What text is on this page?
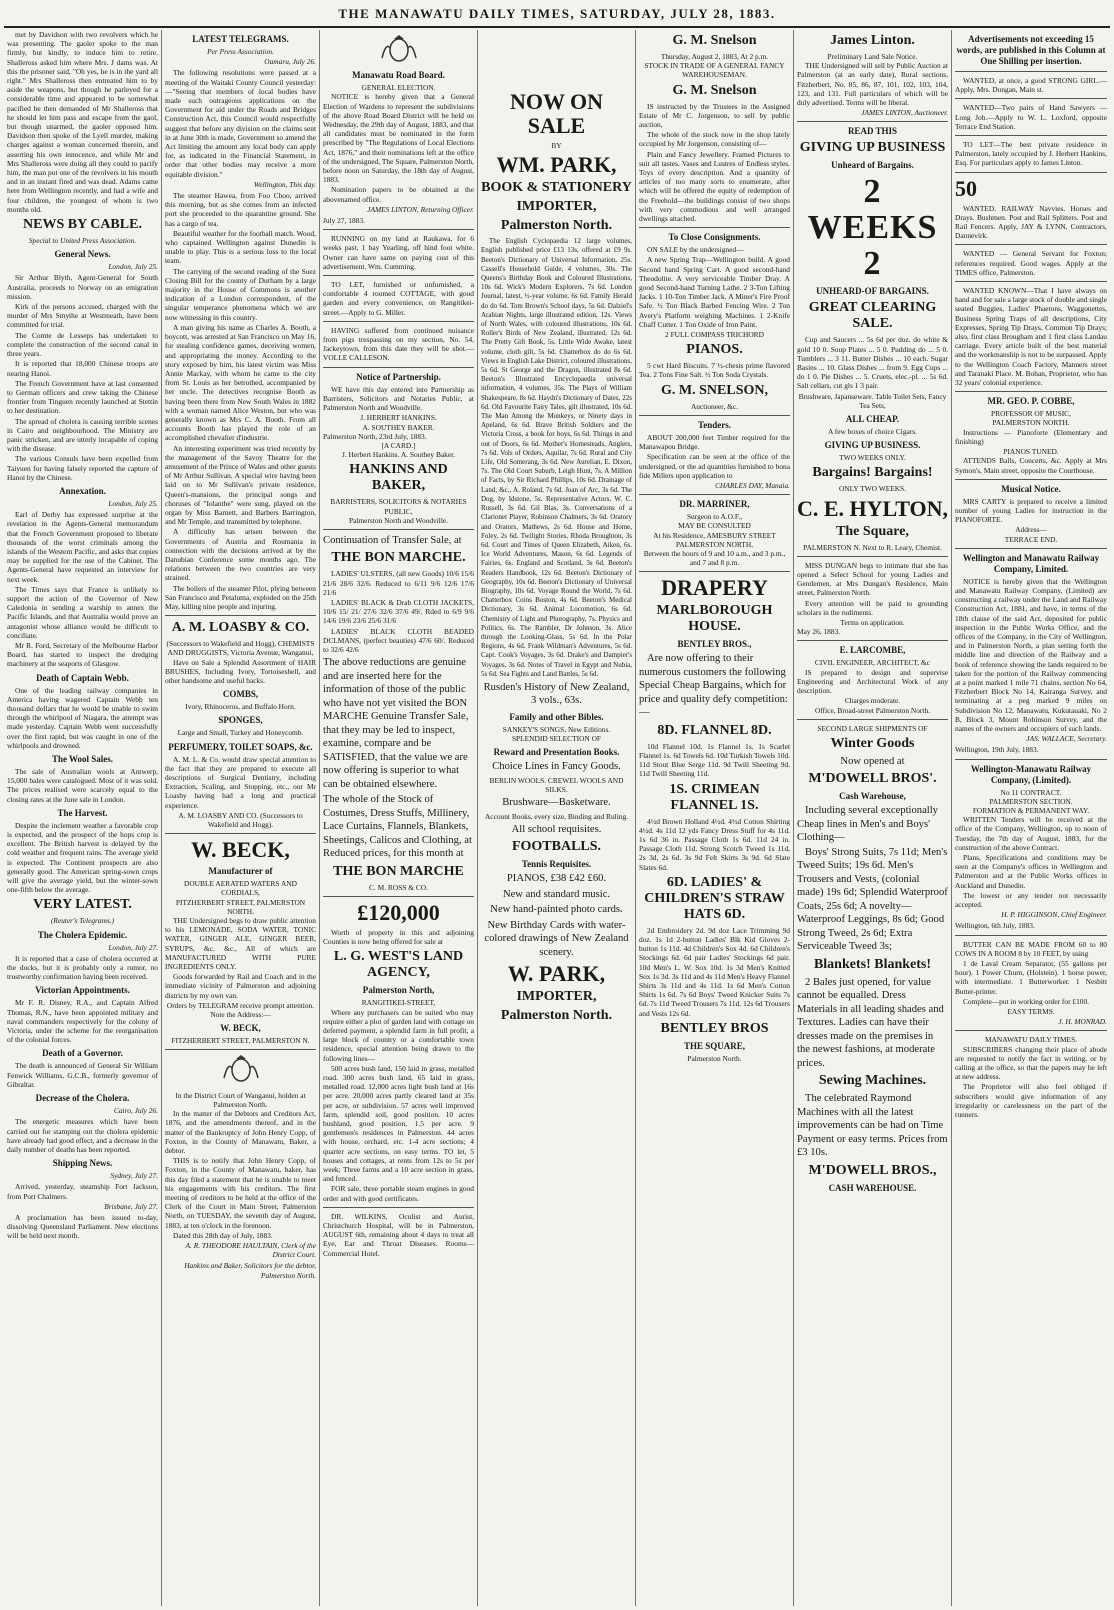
THE MANAWATU DAILY TIMES, SATURDAY, JULY 28, 1883.

met by Davidson with two revolvers which he was presenting. The gaoler spoke to the man firmly, but kindly, to induce him to retire. Shalleross asked him where Mrs. J dams was. At this the prisoner said, "Oh yes, he is in the yard all right." Mrs Shalleross then entreated him to by aside the weapons, but though he parleyed for a considerable time and appeared to be somewhat pacified he then demanded of Mr Shalleross that he should let him pass and escape from the gaol, but though unarmed, the gaoler opposed him. Davidson then spoke of the Lyell murder, making charges against a woman concerned therein, and asserting his own innocence, and while Mr and Mrs Shalleross were doing all they could to pacify him, the man put one of the revolvers in his mouth and in an instant fired and was dead. Adams came here from Wellington recently, and had a wife and four children, the youngest of whom is two months old.

NEWS BY CABLE.
Special to United Press Association.
General News.
London, July 25.

Sir Arthur Blyth, Agent-General for South Australia, proceeds to Norway on an emigration mission.

Kirk of the persons accused, charged with the murder of Mrs Smythe at Westmeath, have been committed for trial.

The Comte de Lesseps has undertaken to complete the construction of the second canal in three years.

It is reported that 18,000 Chinese troops are nearing Hanoi.

The French Government have at last consented to German officers and crew taking the Chinese frontier from Tinguen recently launched at Stettin to her destination.

The spread of cholera is causing terrible scenes in Cairo and neighbourhood. The Ministry are panic stricken, and are utterly incapable of coping with the disease.

The various Consuls have been expelled from Taiyuen for having falsely reported the capture of Hanoi by the Chinese.

Annexation.
London, July 25.

Earl of Derby has expressed surprise at the revelation in the Agents-General memorandum that the French Government proposed to liberate thousands of the worst criminals among the islands of the Western Pacific, and asks that copies may be supplied for the use of the Cabinet. The Agents-General have requested an interview for next week.

The Times says that France is unlikely to support the action of the Governor of New Caledonia in sending a warship to annex the Pacific Islands, and that Australia would prove an antagonist whose alliance would be difficult to conciliate.

Mr R. Ford, Secretary of the Melbourne Harbor Board, has started to inspect the dredging machinery at the seaports of Glasgow.

Death of Captain Webb.

One of the leading railway companies in America having wagered Captain Webb ten thousand dollars that he would be unable to swim through the whirlpool of Niagara, the attempt was made yesterday. Captain Webb went successfully over the first rapid, but was caught in one of the whirlpools and drowned.

The Wool Sales.

The sale of Australian wools at Antwerp, 15,000 bales were catalogued. Most of it was sold. The prices realised were scarcely equal to the closing rates at the June sale in London.

The Harvest.

Despite the inclement weather a favorable crop is expected, and the prospect of the hops crop is excellent. The British harvest is delayed by the cold weather and frequent rains. The average yield is expected. The Continent prospects are also generally good. The American spring-sown crops will give the average yield, but the winter-sown one-fifth below the average.

VERY LATEST.
(Reuter's Telegrams.)
The Cholera Epidemic.
London, July 27.

It is reported that a case of cholera occurred at the docks, but it is probably only a rumor, no trustworthy confirmation having been received.

Victorian Appointments.

Mr F. R. Disney, R.A., and Captain Alfred Thomas, R.N., have been appointed military and naval commanders respectively for the colony of Victoria, under the scheme for the reorganisation of the colonial forces.

Death of a Governor.

The death is announced of General Sir William Fenwick Williams, G.C.B., formerly governor of Gibraltar.

Decrease of the Cholera.
Cairo, July 26.

The energetic measures which have been carried out for stamping out the cholera epidemic have already had good effect, and a decrease in the daily number of deaths has been reported.

Shipping News.
Sydney, July 27.

Arrived, yesterday, steamship Fort Jackson, from Port Chalmers.

Brisbane, July 27.

A proclamation has been issued to-day, dissolving Queensland Parliament. New elections will be held next month.

LATEST TELEGRAMS.
Per Press Association.
Oamaru, July 26.

The following resolutions were passed at a meeting of the Waitaki County Council yesterday:—"Seeing that members of local bodies have made such outrageous applications on the Government for aid under the Roads and Bridges Construction Act, this Council would respectfully suggest that before any division on the claims sent in at June 30th is made, Government so amend the Act limiting the amount any local body can apply for, as indicated in the Financial Statement, in order that other bodies may receive a more equitable division."

Wellington, This day.

The steamer Hawea, from Foo Choo, arrived this morning, but as she comes from an infected port she proceeded to the quarantine ground. She has a cargo of tea.

Beautiful weather for the football match. Wood, who captained Wellington against Dunedin is unable to play. This is a serious loss to the local team.

The carrying of the second reading of the Suez Closing Bill for the county of Durham by a large majority in the House of Commons is another indication of a London correspondent, of the singular temperance phenomena which we are now witnessing in this country.

A man giving his name as Charles A. Booth, a boycott, was arrested at San Francisco on May 16, for stealing confidence games, deceiving women, and appropriating the money. According to the story exposed by him, his latest victim was Miss Annie Mackay, with whom he came to the city from St. Louis as her betrothed, accompanied by her uncle. The detectives recognise Booth as having been there from New South Wales in 1882 with a woman named Alice Weston, but who was generally known as Mrs C. A. Booth. From all accounts Booth has played the role of an accomplished chevalier d'industrie.

An interesting experiment was tried recently by the management of the Savoy Theatre for the amusement of the Prince of Wales and other guests of Mr Arthur Sullivan. A special wire having been laid on to Mr Sullivan's private residence, Queen's-mansions, the principal songs and choruses of "Iolanthe" were sung, played on the organ by Miss Barnett, and Barbers Barrington, and Mr Temple, and transmitted by telephone.

A difficulty has arisen between the Governments of Austria and Roumania in connection with the decisions arrived at by the Danubian Conference some months ago. The relations between the two countries are very strained.

The boilers of the steamer Pilot, plying between San Francisco and Petaluma, exploded on the 25th May, killing nine people and injuring.

A. M. LOASBY & CO.
(Successors to Wakefield and Hogg), CHEMISTS AND DRUGGISTS, Victoria Avenue, Wanganui,

Have on Sale a Splendid Assortment of HAIR BRUSHES, Including Ivory, Tortoiseshell, and other handsome and useful backs.

COMBS,
Ivory, Rhinoceros, and Buffalo Horn.
SPONGES,
Large and Small, Turkey and Honeycomb.
PERFUMERY, TOILET SOAPS, &c.

A. M. L. & Co. would draw special attention to the fact that they are prepared to execute all descriptions of Surgical Dentistry, including Extraction, Scaling, and Stopping, etc., our Mr Loasby having had a long and practical experience.

A. M. LOASBY AND CO. (Successors to Wakefield and Hogg).
W. BECK,
Manufacturer of
DOUBLE AERATED WATERS AND CORDIALS,
PITZHERBERT STREET, PALMERSTON NORTH.

THE Undersigned begs to draw public attention to his LEMONADE, SODA WATER, TONIC WATER, GINGER ALE, GINGER BEER, SYRUPS, &c. &c., All of which are MANUFACTURED WITH PURE INGREDIENTS ONLY.

Goods forwarded by Rail and Coach and in the immediate vicinity of Palmerston and adjoining districts by my own van.

Orders by TELEGRAM receive prompt attention.
Note the Address:—
W. BECK,
FITZHERBERT STREET, PALMERSTON N.
In the District Court of Wanganui, holden at Palmerston North.

In the matter of the Debtors and Creditors Act, 1876, and the amendments thereof, and in the matter of the Bankruptcy of John Henry Copp, of Foxton, in the County of Manawatu, Baker, a debtor.

THIS is to notify that John Henry Copp, of Foxton, in the County of Manawatu, baker, has this day filed a statement that he is unable to meet his engagements with his creditors. The first meeting of creditors to be held at the office of the Clerk of the Court in Main Street, Palmerston North, on TUESDAY, the seventh day of August, 1883, at ten o'clock in the forenoon.

Dated this 28th day of July, 1883.

A. R. THEODORE HAULTAIN, Clerk of the District Court.
Hankins and Baker, Solicitors for the debtor, Palmerston North.
Manawatu Road Board.
GENERAL ELECTION.

NOTICE is hereby given that a General Election of Wardens to represent the subdivisions of the above Road Board District will be held on Wednesday, the 29th day of August, 1883, and that all candidates must be nominated in the form prescribed by "The Regulations of Local Elections Act, 1876," and their nominations left at the office of the undersigned, The Square, Palmerston North, before noon on Saturday, the 18th day of August, 1883.

Nomination papers to be obtained at the abovenamed office.

JAMES LINTON, Returning Officer.
July 27, 1883.

RUNNING on my land at Raukawa, for 6 weeks past, 1 bay Yearling, off hind foot white. Owner can have same on paying cost of this advertisement. Wm. Cumming.

TO LET, furnished or unfurnished, a comfortable 4 roomed COTTAGE, with good garden and every convenience, on Rangitikei-street.—Apply to G. Miller.

HAVING suffered from continued nuisance from pigs trespassing on my section, No. 54, Jackeytown, from this date they will be shot.—VOLLE CALLESON.

Notice of Partnership.

WE have this day entered into Partnership as Barristers, Solicitors and Notaries Public, at Palmerston North and Woodville.

J. HERBERT HANKINS.
A. SOUTHEY BAKER.
Palmerston North, 23rd July, 1883.
[A CARD.]
J. Herbert Hankins. A. Southey Baker.
HANKINS AND BAKER,
BARRISTERS, SOLICITORS & NOTARIES PUBLIC,
Palmerston North and Woodville.
Continuation of Transfer Sale, at
THE BON MARCHE.

LADIES' ULSTERS, (all new Goods) 10/6 15/6 21/6 28/6 32/6. Reduced to 6/11 9/6 12/6 17/6 21/6

LADIES' BLACK & Drab CLOTH JACKETS, 10/6 15/ 21/ 27/6 32/6 37/6 49/. Rded to 6/9 9/6 14/6 19/6 23/6 25/6 31/6

LADIES' BLACK CLOTH BEADED DCLMANS, (perfect beauties) 47/6 60/. Reduced to 32/6 42/6

The above reductions are genuine and are inserted here for the information of those of the public who have not yet visited the BON MARCHE Genuine Transfer Sale, that they may be led to inspect, examine, compare and be SATISFIED, that the value we are now offering is superior to what can be obtained elsewhere.
The whole of the Stock of Costumes, Dress Stuffs, Millinery, Lace Curtains, Flannels, Blankets, Sheetings, Calicos and Clothing, at Reduced prices, for this month at
THE BON MARCHE
C. M. ROSS & CO.
£120,000

Worth of property in this and adjoining Counties is now being offered for sale at

L. G. WEST'S LAND AGENCY,
Palmerston North,
RANGITIKEI-STREET,

Where any purchasers can be suited who may require either a plot of garden land with cottage on deferred payment, a splendid farm in full profit, a large block of country or a comfortable town residence, special attention being drawn to the following lines—

500 acres bush land, 150 laid in grass, metalled road. 300 acres bush land, 65 laid in grass, metalled road. 12,000 acres light bush land at 16s per acre. 20,000 acres partly cleared land at 35s per acre, or subdivision. 57 acres well improved farm, splendid soil, good position. 10 acres bushland, good position, 1.5 per acre. 9 gentlemen's residences in Palmerston. 44 acres with house, orchard, etc. 1-4 acre sections; 4 quarter acre sections, on easy terms. TO let, 5 houses and cottages, at rents from 12s to 5s per week; Three farms and a 10 acre section in grass, and fenced.

FOR sale, three portable steam engines in good order and with good certificates.

DR. WILKINS, Oculist and Aurist, Christchurch Hospital, will be in Palmerston, AUGUST 6th, remaining about 4 days to treat all Eye, Ear and Throat Diseases. Rooms—Commercial Hotel.

NOW ON SALE
BY
WM. PARK,
BOOK & STATIONERY
IMPORTER,
Palmerston North.

The English Cyclopaedia 12 large volumes, English published price £13 13s, offered at £9 9s. Beeton's Dictionary of Universal Information, 25s. Cassell's Household Guide, 4 volumes, 30s. The Queens's Birthday Book and Coloured Illustrations, 10s 6d. Wick's Modern Explorers, 7s 6d. London Journal, latest, ½-year volume, 6s 6d. Family Herald do do 6d. Tom Brown's School days, 5s 6d. Dalziel's Arabian Nights, large illustrated edition, 12s. Views of North Wales, with coloured illustrations, 10s 6d. Roller's Birds of New Zealand, illustrated, 12s 6d. The Pretty Gift Book, 5s. Little Wide Awake, latest volume, cloth gilt, 5s 6d. Chatterbox do do 6s 6d. Views in English Lake District, coloured illustrations, 5s 6d. St George and the Dragon, illustrated 8s 6d. Beeton's Illustrated Encyclopaedia universal information, 4 volumes, 35s. The Plays of William Shakespeare, 8s 6d. Haydn's Dictionary of Dates, 22s 6d. Old Favourite Fairy Tales, gilt illustrated, 10s 6d. The Man Among the Monkeys, or Ninety days in Apeland, 6s 6d. Brave British Soldiers and the Victoria Cross, a book for boys, 6s 6d. Things in and out of Doors, 6s 6d. Mother's Homesteads, Anglers, 7s 6d. Vols of Orders, Aquilar, 7s 6d. Rural and City Life, Old Somerang, 3s 6d. New Aurelian, E. Dixon, 7s. The Old Court Suburb, Leigh Hunt, 7s. A Million of Facts, by Sir Richard Phillips, 10s 6d. Drainage of Land, &c., A. Roland, 7s 6d. Joan of Arc, 3s 6d. The Dog, by Idstone, 5s. Representative Actors, W. C. Russell, 3s 6d. Gil Blas, 3s. Conversations of a Clarionet Player, Robinson Chalmers, 3s 6d. Oratory and Orators, Mathews, 2s 6d. House and Home, Foley, 2s 6d. Twilight Stories, Rhoda Broughton, 3s 6d. Court and Times of Queen Elizabeth, Aiken, 6s. Ice World Adventures, Mason, 6s 6d. Legends of Fairies, 6s. England and Scotland, 3s 6d. Beeton's Readers Handbook, 12s 6d. Beeton's Dictionary of Geography, 10s 6d. Beeton's Dictionary of Universal Biography, 10s 6d. Voyage Round the World, 7s 6d. Chatterbox Coins Boston, 4s 6d. Beeton's Medical Dictionary, 3s 6d. Animal Locomotion, 6s 6d. Chemistry of Light and Photography, 7s. Physics and Politics, 6s. The Rambler, Dr Johnson, 3s. Alice through the Looking-Glass, 5s 6d. In the Polar Regions, 4s 6d. Frank Wildman's Adventures, 5s 6d. Capt. Cook's Voyages, 3s 6d. Drake's and Dampier's Voyages, 3s 6d. Notes of Travel in Egypt and Nubia, 5s 6d. Sea Fights and Land Battles, 5s 6d.

Rusden's History of New Zealand, 3 vols., 63s.
Family and other Bibles.
SANKEY'S SONGS, New Editions.
SPLENDID SELECTION OF
Reward and Presentation Books.
Choice Lines in Fancy Goods.
BERLIN WOOLS. CREWEL WOOLS AND SILKS.
Brushware—Basketware.
Account Books, every size, Binding and Ruling.
All school requisites.
FOOTBALLS.
Tennis Requisites.
PIANOS, £38 £42 £60.
New and standard music.
New hand-painted photo cards.
New Birthday Cards with water-colored drawings of New Zealand scenery.
W. PARK,
IMPORTER,
Palmerston North.
G. M. Snelson
Thursday, August 2, 1883, At 2 p.m.
STOCK IN TRADE OF A GENERAL FANCY WAREHOUSEMAN.
G. M. Snelson

IS instructed by the Trustees in the Assigned Estate of Mr C. Jorgenson, to sell by public auction,

The whole of the stock now in the shop lately occupied by Mr Jorgenson, consisting of—

Plain and Fancy Jewellery. Framed Pictures to suit all tastes. Vases and Lustres of Endless styles. Toys of every description. And a quantity of articles of too many sorts to enumerate, after which will be offered the equity of redemption of the Freehold—the buildings consist of two shops with very commodious and well arranged dwellings attached.

To Close Consignments.

ON SALE by the undersigned—

A new Spring Trap—Wellington build. A good Second hand Spring Cart. A good second-hand Theodolite. A very serviceable Timber Dray. A good Second-hand Turning Lathe. 2 3-Ton Lifting Jacks. 1 10-Ton Timber Jack. A Miner's Fire Proof Safe. ½ Ton Black Barbed Fencing Wire. 2 Ton Avery's Platform weighing Machines. 1 2-Knife Chaff Cutter. 1 Ton Oxide of Iron Paint.

2 FULL COMPASS TRICHORD
PIANOS.

5 cwt Hard Biscuits. 7 ½-chests prime flavored Tea. 2 Tons Fine Salt. ½ Ton Soda Crystals.

G. M. SNELSON,
Auctioneer, &c.
Tenders.

ABOUT 200,000 feet Timber required for the Manawapou Bridge.

Specification can be seen at the office of the undersigned, or the ad quantities furnished to bona fide Millers upon application to

CHARLES DAY, Manaia.
DR. MARRINER,
Surgeon to A.O.F.,
MAY BE CONSULTED
At his Residence, AMESBURY STREET PALMERSTON NORTH,
Between the hours of 9 and 10 a.m., and 3 p.m., and 7 and 8 p.m.
DRAPERY
MARLBOROUGH HOUSE.
BENTLEY BROS.,

Are now offering to their numerous customers the following Special Cheap Bargains, which for price and quality defy competition:—

8D. FLANNEL 8D.

10d Flannel 10d. 1s Flannel 1s. 1s Scarlet Flannel 1s. 6d Towels 6d. 10d Turkish Towels 10d. 11d Stout Blue Serge 11d. 9d Twill Sheeting 9d. 11d Twill Sheeting 11d.

1S. CRIMEAN FLANNEL 1S.

4½d Brown Holland 4½d. 4½d Cotton Shirting 4½d. 4s 11d 12 yds Fancy Dress Stuff for 4s 11d. 1s 6d 36 in. Passage Cloth 1s 6d. 11d 24 in. Passage Cloth 11d. Strong Scotch Tweed 1s 11d, 2s 3d, 2s 6d. 3s 9d Felt Skirts 3s 9d. 6d Slate Slates 6d.

6D. LADIES' & CHILDREN'S STRAW HATS 6D.

2d Embroidery 2d. 9d doz Lace Trimming 9d doz. 1s 1d 2-button Ladies' Blk Kid Gloves 2-button 1s 11d. 4d Children's Sox 4d. 6d Children's Stockings 6d. 6d pair Ladies' Stockings 6d pair. 10d Men's L. W. Sox 10d. 1s 3d Men's Knitted Sox 1s 3d. 3s 11d and 4s 11d Men's Heavy Flannel Shirts 3s 11d and 4s 11d. 1s 6d Men's Cotton Shirts 1s 6d. 7s 6d Boys' Tweed Knicker Suits 7s 6d. 7s 11d Tweed Trousers 7s 11d. 12s 6d Trousers and Vests 12s 6d.

BENTLEY BROS
THE SQUARE,
Palmerston North.
James Linton.
Preliminary Land Sale Notice.

THE Undersigned will sell by Public Auction at Palmerston (at an early date), Rural sections, Fitzherbert, No. 85, 86, 87, 101, 102, 103, 104, 123, and 131. Full particulars of which will be duly advertised. Terms will be liberal.

JAMES LINTON, Auctioneer.
READ THIS
GIVING UP BUSINESS
Unheard of Bargains.
2 WEEKS 2
UNHEARD-OF BARGAINS.
GREAT CLEARING SALE.

Cup and Saucers ... 5s 6d per doz. do white & gold 10 0. Soup Plates ... 5 0. Pudding do ... 5 0. Tumblers ... 3 11. Butter Dishes ... 10 each. Sugar Basins ... 10. Glass Dishes ... from 9. Egg Cups ... do 1 0. Pie Dishes ... 5. Cruets, elec.-pl. ... 5s 6d. Salt cellars, cut gls 1 3 pair.

Brushware, Japanseware. Table Toilet Sets, Fancy Tea Sets,
ALL CHEAP.
A few boxes of choice Cigars.
GIVING UP BUSINESS.
TWO WEEKS ONLY.
Bargains! Bargains!
ONLY TWO WEEKS.
C. E. HYLTON,
The Square,
PALMERSTON N. Next to R. Leary, Chemist.

MISS DUNGAN begs to intimate that she has opened a Select School for young Ladies and Gentlemen, at Mrs Dungan's Residence, Main street, Palmerston North.

Every attention will be paid to grounding scholars in the rudiments.

Terms on application.
May 26, 1883.
E. LARCOMBE,
CIVIL ENGINEER, ARCHITECT, &c

IS prepared to design and supervise Engineering and Architectural Work of any description.

Charges moderate.
Office, Broad-street Palmerston North.
SECOND LARGE SHIPMENTS OF
Winter Goods
Now opened at
M'DOWELL BROS'.
Cash Warehouse,

Including several exceptionally Cheap lines in Men's and Boys' Clothing—

Boys' Strong Suits, 7s 11d; Men's Tweed Suits; 19s 6d. Men's Trousers and Vests, (colonial made) 19s 6d; Splendid Waterproof Coats, 25s 6d; A novelty—Waterproof Leggings, 8s 6d; Good Strong Tweed, 2s 6d; Extra Serviceable Tweed 3s;

Blankets! Blankets!

2 Bales just opened, for value cannot be equalled. Dress Materials in all leading shades and Textures. Ladies can have their dresses made on the premises in the newest fashions, at moderate prices.

Sewing Machines.

The celebrated Raymond Machines with all the latest improvements can be had on Time Payment or easy terms. Prices from £3 10s.

M'DOWELL BROS.,
CASH WAREHOUSE.
Advertisements not exceeding 15 words, are published in this Column at One Shilling per insertion.

WANTED, at once, a good STRONG GIRL.—Apply, Mrs. Dungan, Main st.

WANTED—Two pairs of Hand Sawyers — Long Job.—Apply to W. L. Loxford, opposite Terrace End Station.

TO LET—The best private residence in Palmerston, lately occupied by J. Herbert Hankins, Esq. For particulars apply to James Linton.

50

WANTED. RAILWAY Navvies. Horses and Drays. Bushmen. Post and Rail Splitters. Post and Rail Fencers. Apply, JAY & LYNN, Contractors, Dannevirk.

WANTED — General Servant for Foxton; references required. Good wages. Apply at the TIMES office, Palmerston.

WANTED KNOWN—That I have always on hand and for sale a large stock of double and single seated Buggies, Ladies' Phaetons, Waggonettes, Business Spring Traps of all descriptions, City Expresses, Spring Tip Drays, Common Tip Drays; also, first class Brougham and 1 first class Landau carriage. Every article built of the best material and the workmanship is not to be surpassed. Apply to the Wellington Coach Factory, Manners street and Taranaki Place. M. Bohan, Proprietor, who has 32 years' colonial experience.

MR. GEO. P. COBBE,
PROFESSOR OF MUSIC,
PALMERSTON NORTH.

Instructions — Pianoforte (Elementary and finishing)

PIANOS TUNED.

ATTENDS Balls, Concerts, &c. Apply at Mrs Symon's, Main street, opposite the Courthouse.

Musical Notice.

MRS CARTY is prepared to receive a limited number of young Ladies for instruction in the PIANOFORTE.

Address—
TERRACE END.
Wellington and Manawatu Railway Company, Limited.

NOTICE is hereby given that the Wellington and Manawatu Railway Company, (Limited) are constructing a railway under the Land and Railway Construction Act, 1881, and have, in terms of the 18th clause of the said Act, deposited for public inspection in the Public Works Office, and the offices of the Company, in the City of Wellington, and in Palmerston North, a plan setting forth the middle line and direction of the Railway and a book of reference showing the lands required to be taken for the portion of the Railway commencing at a point marked 1 mile 71 chains, section No 64, Fitzherbert Block No 14, Kairanga Survey, and terminating at a peg marked 9 miles on Subdivision No 12, Manawatu, Kukutauaki, No 2 B, Block 3, Mount Robinson Survey, and the names of the owners and occupiers of such lands.

JAS. WALLACE, Secretary.
Wellington, 19th July, 1883.
Wellington-Manawatu Railway Company, (Limited).
No 11 CONTRACT.
PALMERSTON SECTION.
FORMATION & PERMANENT WAY.

WRITTEN Tenders will be received at the office of the Company, Wellington, up to noon of Tuesday, the 7th day of August, 1883, for the construction of the above Contract.

Plans, Specifications and conditions may be seen at the Company's offices in Wellington and Palmerston and at the Public Works offices in Auckland and Dunedin.

The lowest or any tender not necessarily accepted.

H. P. HIGGINSON, Chief Engineer.
Wellington, 6th July, 1883.

BUTTER CAN BE MADE FROM 60 to 80 COWS IN A ROOM 8 by 10 FEET, by using

1 de Laval Cream Separator, (55 gallons per hour). 1 Power Churn, (Holstein). 1 horse power, with intermediate. 1 Butterworker. 1 Nesbitt Butter-printer.

Complete—put in working order for £100.

EASY TERMS.
J. H. MONRAD.
MANAWATU DAILY TIMES.

SUBSCRIBERS changing their place of abode are requested to notify the fact in writing, or by calling at the office, so that the papers may be left at new address.

The Proprietor will also feel obliged if subscribers would give information of any irregularity or carelessness on the part of the runners.
